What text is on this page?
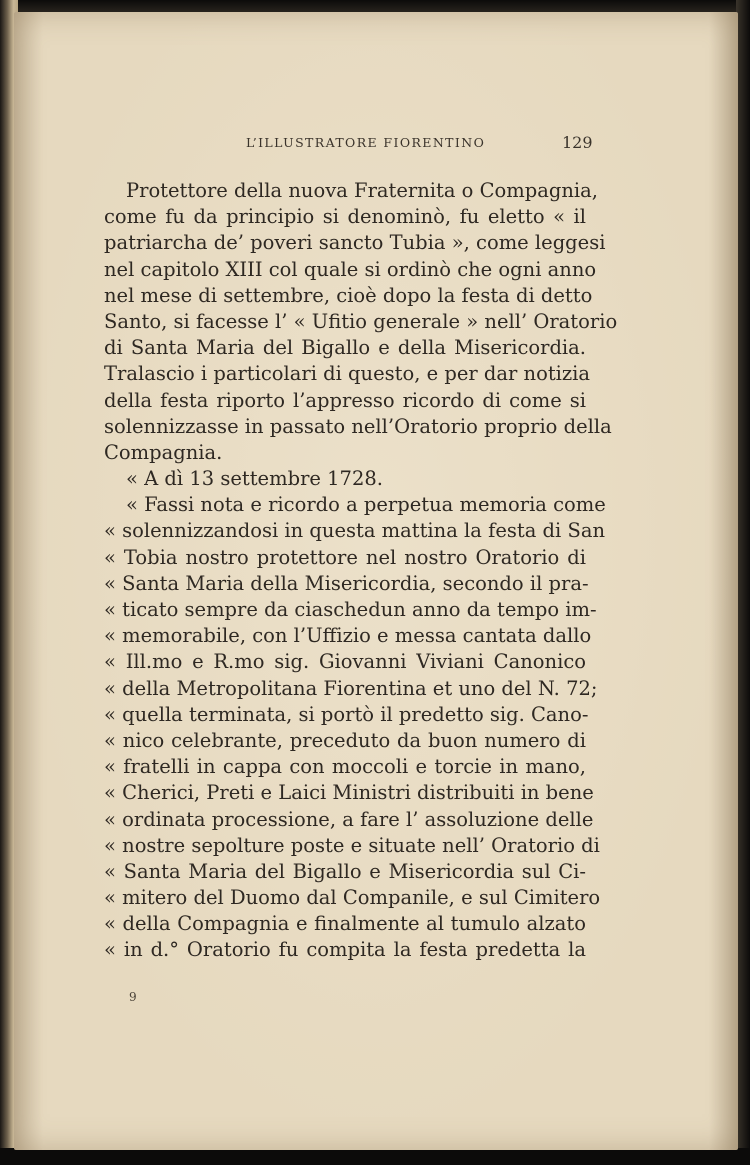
L’ILLUSTRATORE FIORENTINO	129
Protettore della nuova Fraternita o Compagnia,
come fu da principio si denominò, fu eletto « il
patriarcha de’ poveri sancto Tubia », come leggesi
nel capitolo XIII col quale si ordinò che ogni anno
nel mese di settembre, cioè dopo la festa di detto
Santo, si facesse l’ « Ufitio generale » nell’ Oratorio
di Santa Maria del Bigallo e della Misericordia.
Tralascio i particolari di questo, e per dar notizia
della festa riporto l’appresso ricordo di come si
solennizzasse in passato nell’Oratorio proprio della
Compagnia.
« A dì 13 settembre 1728.
« Fassi nota e ricordo a perpetua memoria come
« solennizzandosi in questa mattina la festa di San
« Tobia nostro protettore nel nostro Oratorio di
« Santa Maria della Misericordia, secondo il pra-
« ticato sempre da ciaschedun anno da tempo im-
« memorabile, con l’Uffizio e messa cantata dallo
« Ill.mo e R.mo sig. Giovanni Viviani Canonico
« della Metropolitana Fiorentina et uno del N. 72;
« quella terminata, si portò il predetto sig. Cano-
« nico celebrante, preceduto da buon numero di
« fratelli in cappa con moccoli e torcie in mano,
« Cherici, Preti e Laici Ministri distribuiti in bene
« ordinata processione, a fare l’ assoluzione delle
« nostre sepolture poste e situate nell’ Oratorio di
« Santa Maria del Bigallo e Misericordia sul Ci-
« mitero del Duomo dal Companile, e sul Cimitero
« della Compagnia e finalmente al tumulo alzato
« in d.° Oratorio fu compita la festa predetta la
9
